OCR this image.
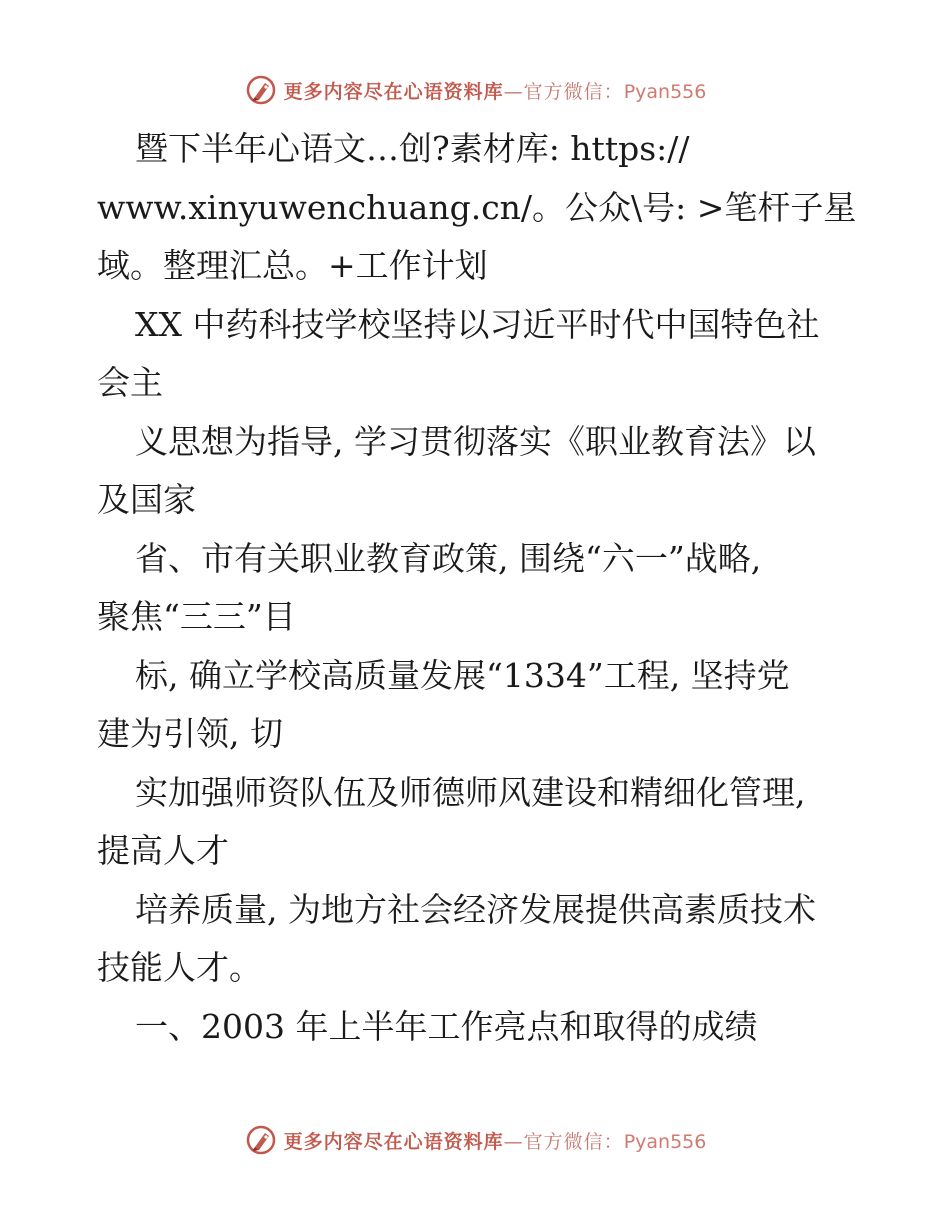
更多内容尽在心语资料库—官方微信：Pyan556
暨下半年心语文…创?素材库: https://
www.xinyuwenchuang.cn/。公众\号: >笔杆子星
域。整理汇总。+工作计划
XX 中药科技学校坚持以习近平时代中国特色社
会主
义思想为指导, 学习贯彻落实《职业教育法》以
及国家
省、市有关职业教育政策, 围绕“六一”战略,
聚焦“三三”目
标, 确立学校高质量发展“1334”工程, 坚持党
建为引领, 切
实加强师资队伍及师德师风建设和精细化管理,
提高人才
培养质量, 为地方社会经济发展提供高素质技术
技能人才。
一、2003 年上半年工作亮点和取得的成绩
更多内容尽在心语资料库—官方微信：Pyan556
